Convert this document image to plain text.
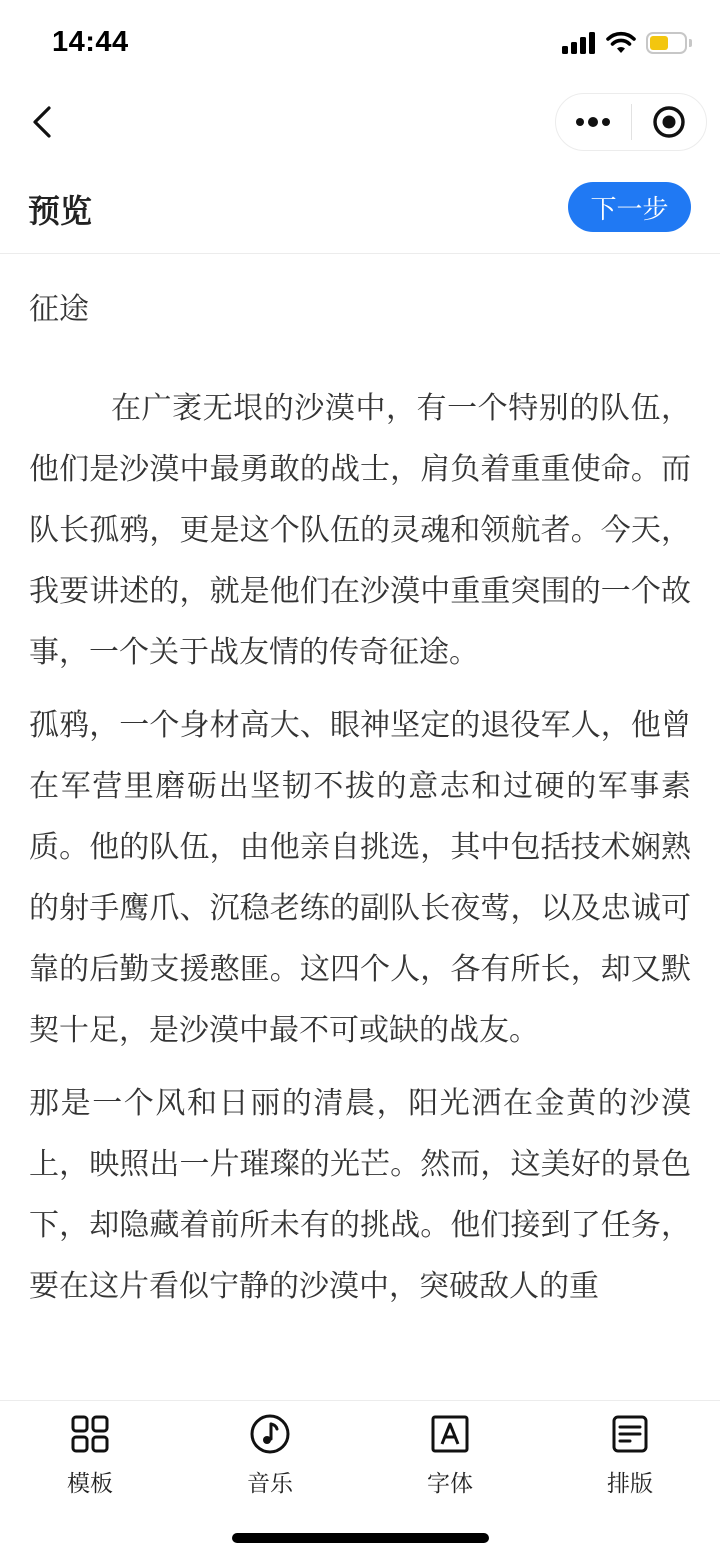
14:44
预览	下一步
征途

在广袤无垠的沙漠中，有一个特别的队伍，他们是沙漠中最勇敢的战士，肩负着重重使命。而队长孤鸦，更是这个队伍的灵魂和领航者。今天，我要讲述的，就是他们在沙漠中重重突围的一个故事，一个关于战友情的传奇征途。

孤鸦，一个身材高大、眼神坚定的退役军人，他曾在军营里磨砺出坚韧不拔的意志和过硬的军事素质。他的队伍，由他亲自挑选，其中包括技术娴熟的射手鹰爪、沉稳老练的副队长夜莺，以及忠诚可靠的后勤支援憨匪。这四个人，各有所长，却又默契十足，是沙漠中最不可或缺的战友。

那是一个风和日丽的清晨，阳光洒在金黄的沙漠上，映照出一片璀璨的光芒。然而，这美好的景色下，却隐藏着前所未有的挑战。他们接到了任务，要在这片看似宁静的沙漠中，突破敌人的重

模板	音乐	字体	排版
